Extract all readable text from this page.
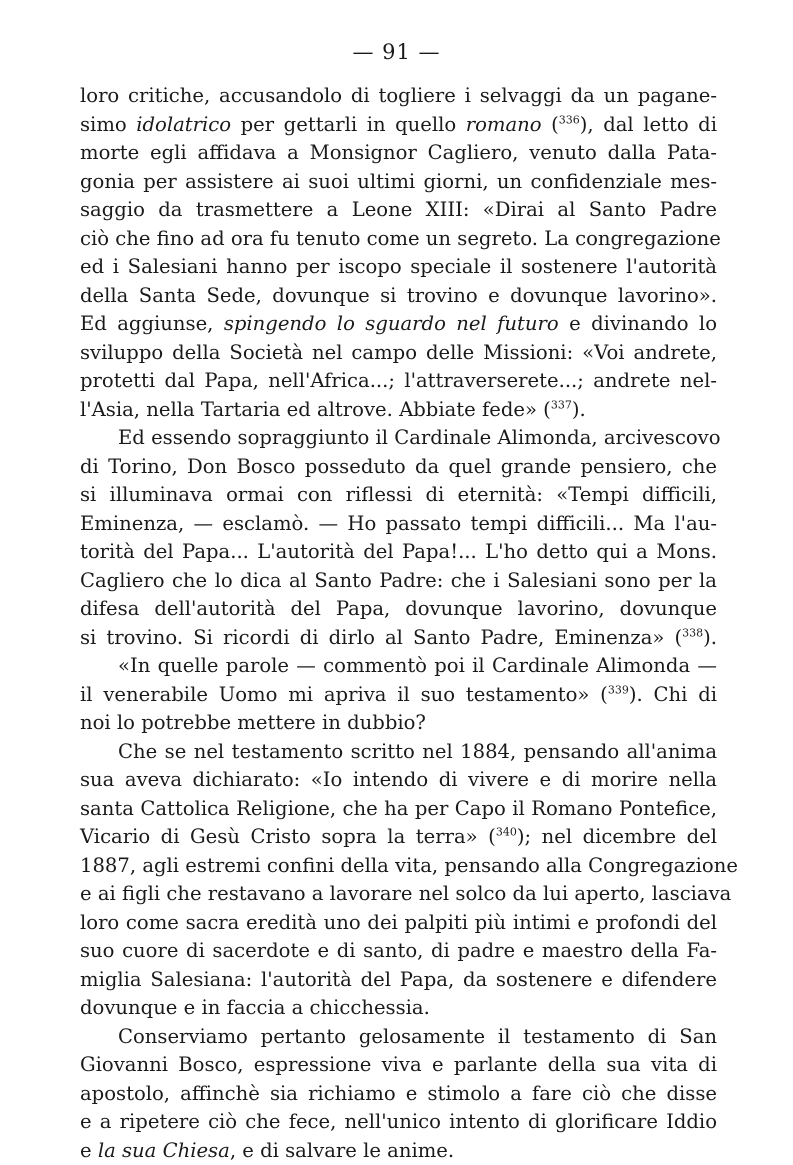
— 91 —
loro critiche, accusandolo di togliere i selvaggi da un pagane-
simo idolatrico per gettarli in quello romano ($^{336}$), dal letto di
morte egli affidava a Monsignor Cagliero, venuto dalla Pata-
gonia per assistere ai suoi ultimi giorni, un confidenziale mes-
saggio da trasmettere a Leone XIII: «Dirai al Santo Padre
ciò che fino ad ora fu tenuto come un segreto. La congregazione
ed i Salesiani hanno per iscopo speciale il sostenere l'autorità
della Santa Sede, dovunque si trovino e dovunque lavorino».
Ed aggiunse, spingendo lo sguardo nel futuro e divinando lo
sviluppo della Società nel campo delle Missioni: «Voi andrete,
protetti dal Papa, nell'Africa...; l'attraverserete...; andrete nel-
l'Asia, nella Tartaria ed altrove. Abbiate fede» ($^{337}$).
Ed essendo sopraggiunto il Cardinale Alimonda, arcivescovo
di Torino, Don Bosco posseduto da quel grande pensiero, che
si illuminava ormai con riflessi di eternità: «Tempi difficili,
Eminenza, — esclamò. — Ho passato tempi difficili... Ma l'au-
torità del Papa... L'autorità del Papa!... L'ho detto qui a Mons.
Cagliero che lo dica al Santo Padre: che i Salesiani sono per la
difesa dell'autorità del Papa, dovunque lavorino, dovunque
si trovino. Si ricordi di dirlo al Santo Padre, Eminenza» ($^{338}$).
«In quelle parole — commentò poi il Cardinale Alimonda —
il venerabile Uomo mi apriva il suo testamento» ($^{339}$). Chi di
noi lo potrebbe mettere in dubbio?
Che se nel testamento scritto nel 1884, pensando all'anima
sua aveva dichiarato: «Io intendo di vivere e di morire nella
santa Cattolica Religione, che ha per Capo il Romano Pontefice,
Vicario di Gesù Cristo sopra la terra» ($^{340}$); nel dicembre del
1887, agli estremi confini della vita, pensando alla Congregazione
e ai figli che restavano a lavorare nel solco da lui aperto, lasciava
loro come sacra eredità uno dei palpiti più intimi e profondi del
suo cuore di sacerdote e di santo, di padre e maestro della Fa-
miglia Salesiana: l'autorità del Papa, da sostenere e difendere
dovunque e in faccia a chicchessia.
Conserviamo pertanto gelosamente il testamento di San
Giovanni Bosco, espressione viva e parlante della sua vita di
apostolo, affinchè sia richiamo e stimolo a fare ciò che disse
e a ripetere ciò che fece, nell'unico intento di glorificare Iddio
e la sua Chiesa, e di salvare le anime.
